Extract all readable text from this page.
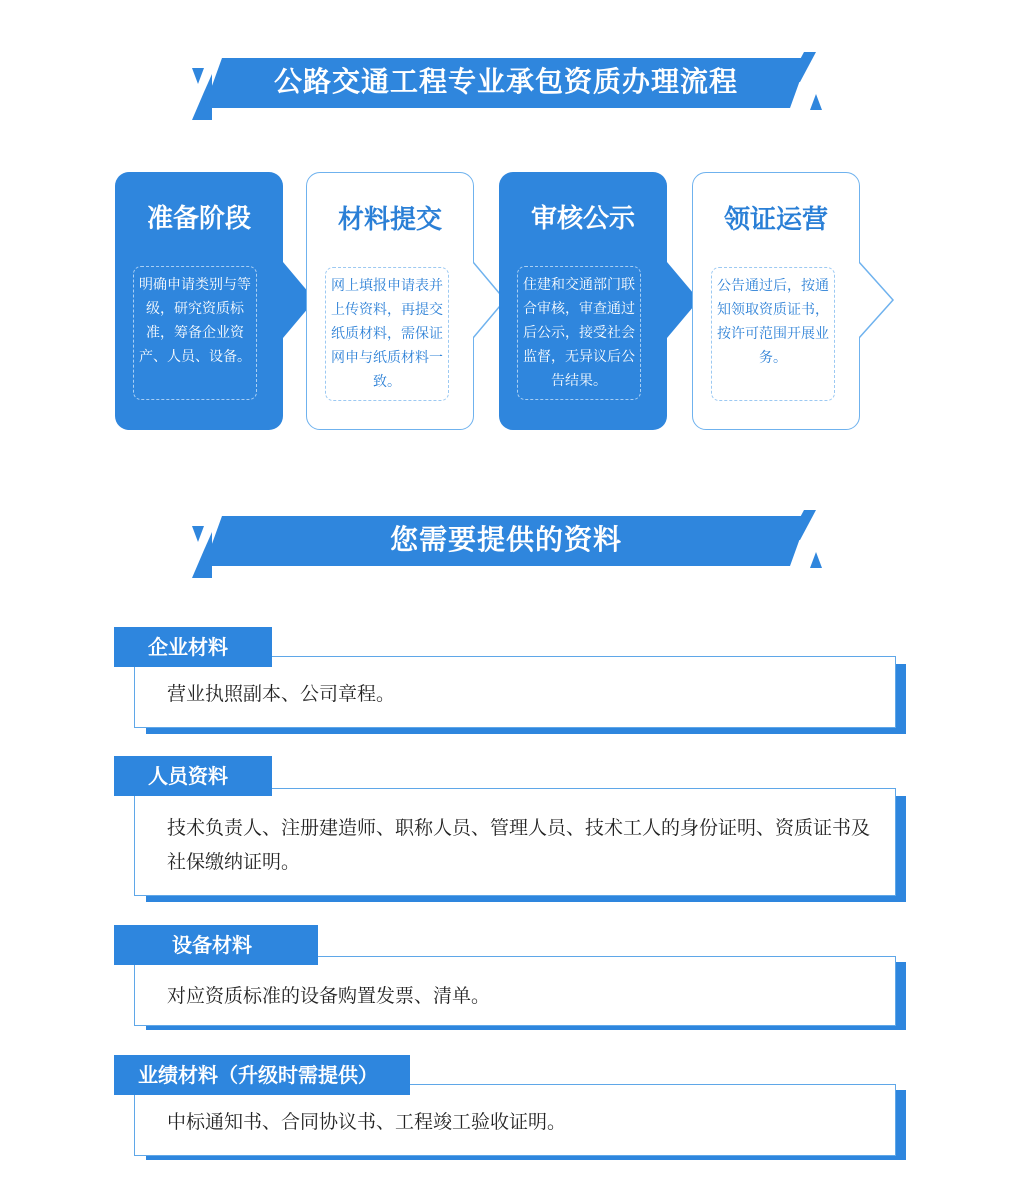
公路交通工程专业承包资质办理流程
准备阶段
明确申请类别与等级，研究资质标准，筹备企业资产、人员、设备。
材料提交
网上填报申请表并上传资料，再提交纸质材料，需保证网申与纸质材料一致。
审核公示
住建和交通部门联合审核，审查通过后公示，接受社会监督，无异议后公告结果。
领证运营
公告通过后，按通知领取资质证书，按许可范围开展业务。
您需要提供的资料
营业执照副本、公司章程。
企业材料
技术负责人、注册建造师、职称人员、管理人员、技术工人的身份证明、资质证书及社保缴纳证明。
人员资料
对应资质标准的设备购置发票、清单。
设备材料
中标通知书、合同协议书、工程竣工验收证明。
业绩材料（升级时需提供）
